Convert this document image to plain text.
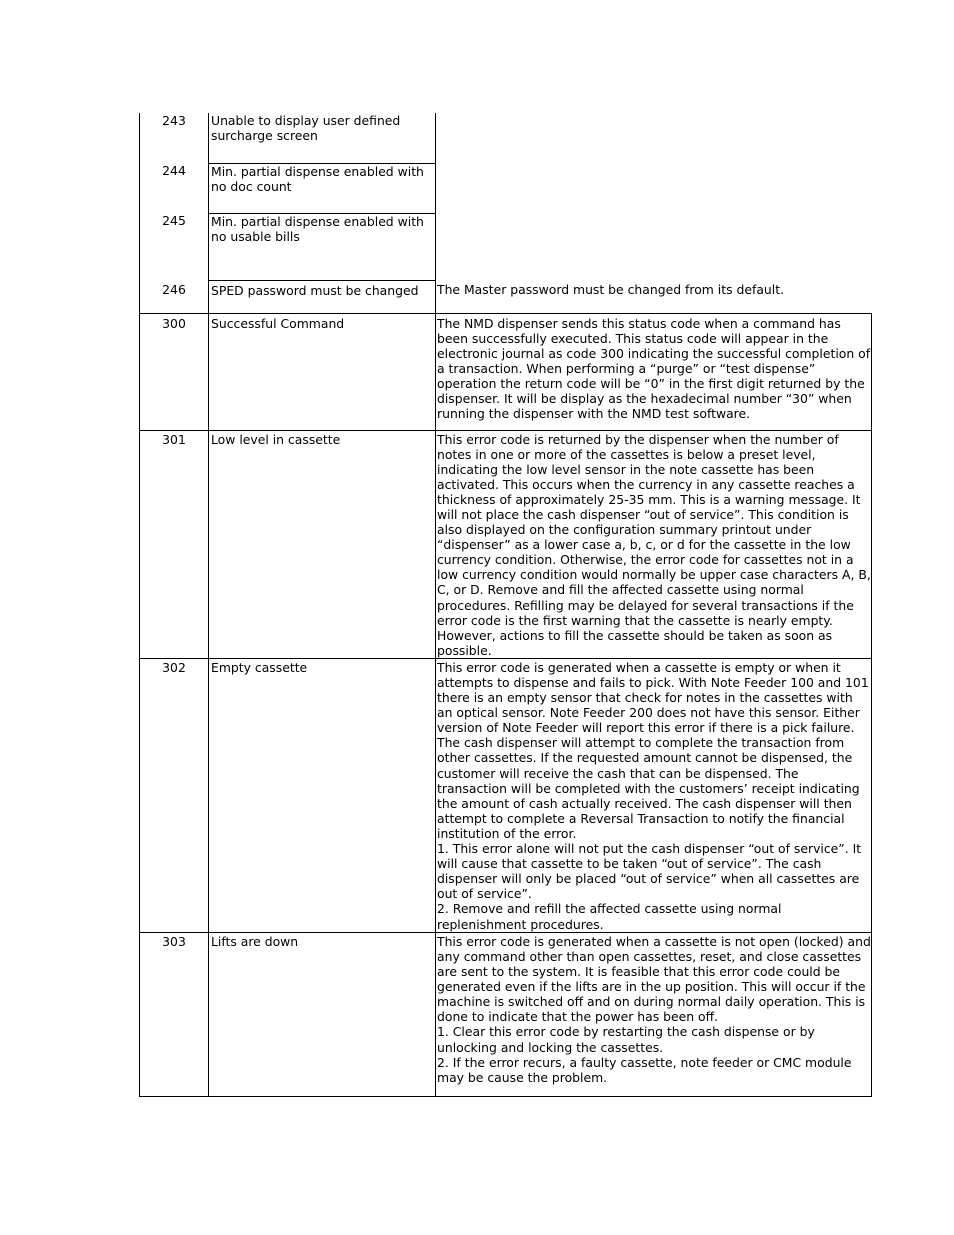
243	Unable to display user defined surcharge screen	
244	Min. partial dispense enabled with no doc count	
245	Min. partial dispense enabled with no usable bills	
246	SPED password must be changed	The Master password must be changed from its default.

300	Successful Command	The NMD dispenser sends this status code when a command has been successfully executed. This status code will appear in the electronic journal as code 300 indicating the successful completion of a transaction. When performing a “purge” or “test dispense” operation the return code will be “0” in the first digit returned by the dispenser. It will be display as the hexadecimal number “30” when running the dispenser with the NMD test software.

301	Low level in cassette	This error code is returned by the dispenser when the number of notes in one or more of the cassettes is below a preset level, indicating the low level sensor in the note cassette has been activated. This occurs when the currency in any cassette reaches a thickness of approximately 25-35 mm. This is a warning message. It will not place the cash dispenser “out of service”. This condition is also displayed on the configuration summary printout under “dispenser” as a lower case a, b, c, or d for the cassette in the low currency condition. Otherwise, the error code for cassettes not in a low currency condition would normally be upper case characters A, B, C, or D. Remove and fill the affected cassette using normal procedures. Refilling may be delayed for several transactions if the error code is the first warning that the cassette is nearly empty. However, actions to fill the cassette should be taken as soon as possible.

302	Empty cassette	This error code is generated when a cassette is empty or when it attempts to dispense and fails to pick. With Note Feeder 100 and 101 there is an empty sensor that check for notes in the cassettes with an optical sensor. Note Feeder 200 does not have this sensor. Either version of Note Feeder will report this error if there is a pick failure. The cash dispenser will attempt to complete the transaction from other cassettes. If the requested amount cannot be dispensed, the customer will receive the cash that can be dispensed. The transaction will be completed with the customers’ receipt indicating the amount of cash actually received. The cash dispenser will then attempt to complete a Reversal Transaction to notify the financial institution of the error.
1. This error alone will not put the cash dispenser “out of service”. It will cause that cassette to be taken “out of service”. The cash dispenser will only be placed “out of service” when all cassettes are out of service”.
2. Remove and refill the affected cassette using normal replenishment procedures.

303	Lifts are down	This error code is generated when a cassette is not open (locked) and any command other than open cassettes, reset, and close cassettes are sent to the system. It is feasible that this error code could be generated even if the lifts are in the up position. This will occur if the machine is switched off and on during normal daily operation. This is done to indicate that the power has been off.
1. Clear this error code by restarting the cash dispense or by unlocking and locking the cassettes.
2. If the error recurs, a faulty cassette, note feeder or CMC module may be cause the problem.
